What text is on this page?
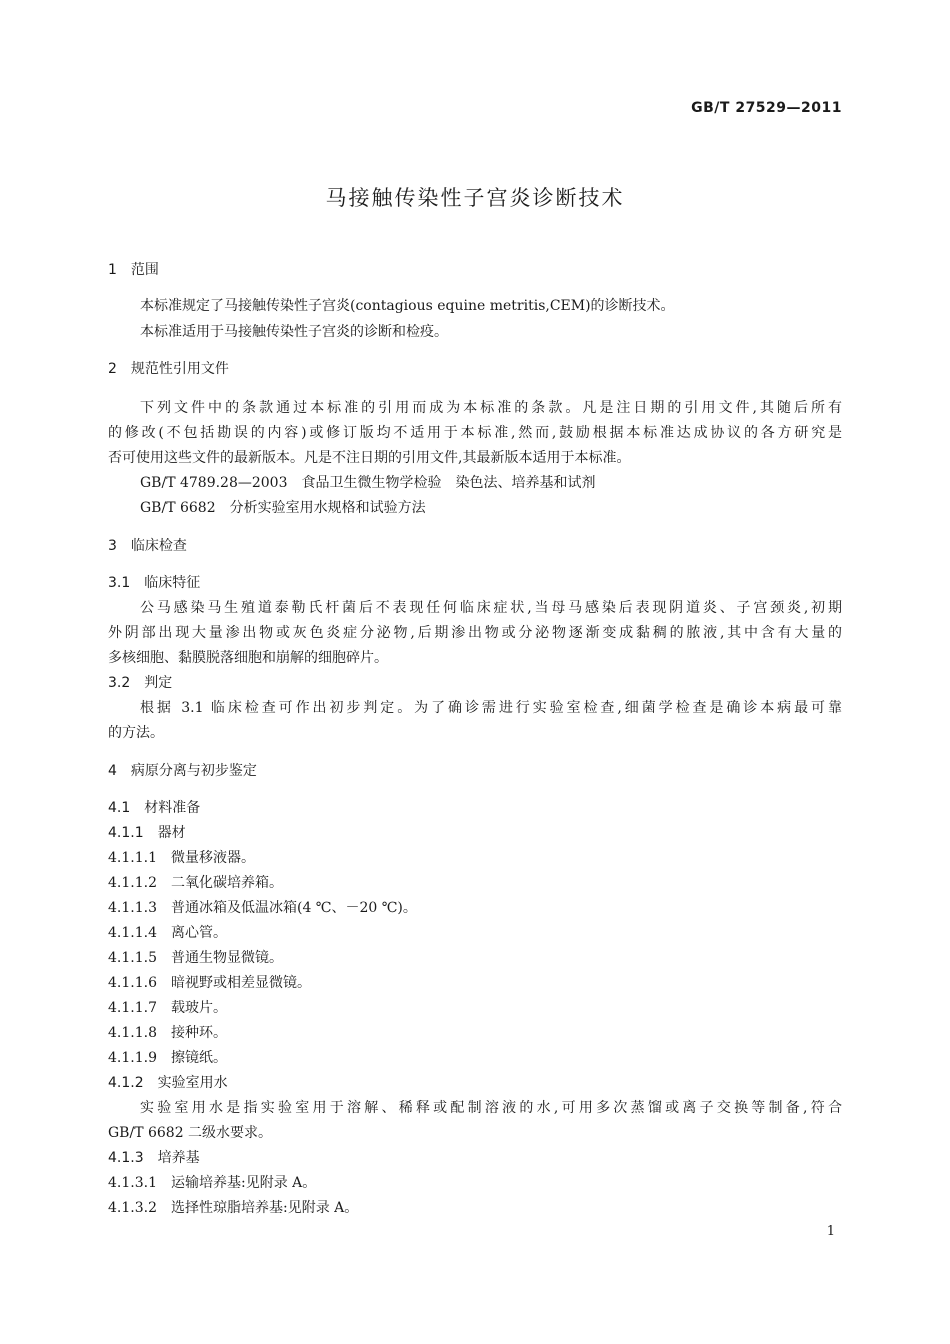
GB/T 27529—2011
马接触传染性子宫炎诊断技术
1　范围
本标准规定了马接触传染性子宫炎(contagious equine metritis,CEM)的诊断技术。
本标准适用于马接触传染性子宫炎的诊断和检疫。
2　规范性引用文件
下列文件中的条款通过本标准的引用而成为本标准的条款。凡是注日期的引用文件,其随后所有
的修改(不包括勘误的内容)或修订版均不适用于本标准,然而,鼓励根据本标准达成协议的各方研究是
否可使用这些文件的最新版本。凡是不注日期的引用文件,其最新版本适用于本标准。
GB/T 4789.28—2003　食品卫生微生物学检验　染色法、培养基和试剂
GB/T 6682　分析实验室用水规格和试验方法
3　临床检查
3.1　临床特征
公马感染马生殖道泰勒氏杆菌后不表现任何临床症状,当母马感染后表现阴道炎、子宫颈炎,初期
外阴部出现大量渗出物或灰色炎症分泌物,后期渗出物或分泌物逐渐变成黏稠的脓液,其中含有大量的
多核细胞、黏膜脱落细胞和崩解的细胞碎片。
3.2　判定
根据 3.1 临床检查可作出初步判定。为了确诊需进行实验室检查,细菌学检查是确诊本病最可靠
的方法。
4　病原分离与初步鉴定
4.1　材料准备
4.1.1　器材
4.1.1.1　微量移液器。
4.1.1.2　二氧化碳培养箱。
4.1.1.3　普通冰箱及低温冰箱(4 ℃、－20 ℃)。
4.1.1.4　离心管。
4.1.1.5　普通生物显微镜。
4.1.1.6　暗视野或相差显微镜。
4.1.1.7　载玻片。
4.1.1.8　接种环。
4.1.1.9　擦镜纸。
4.1.2　实验室用水
实验室用水是指实验室用于溶解、稀释或配制溶液的水,可用多次蒸馏或离子交换等制备,符合
GB/T 6682 二级水要求。
4.1.3　培养基
4.1.3.1　运输培养基:见附录 A。
4.1.3.2　选择性琼脂培养基:见附录 A。
1
